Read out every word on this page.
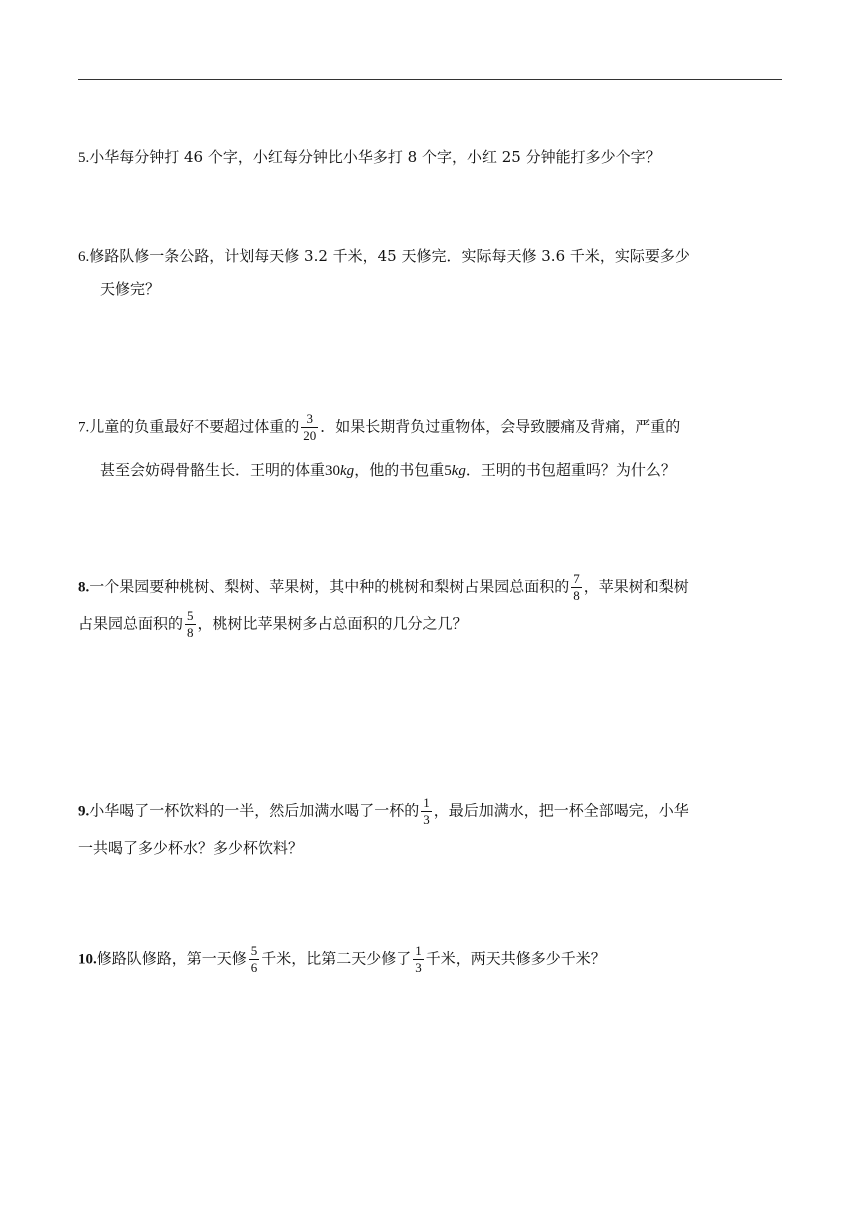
5.小华每分钟打 46 个字，小红每分钟比小华多打 8 个字，小红 25 分钟能打多少个字？
6.修路队修一条公路，计划每天修 3.2 千米，45 天修完．实际每天修 3.6 千米，实际要多少
天修完？
7.儿童的负重最好不要超过体重的 $\frac{3}{20}$ ．如果长期背负过重物体，会导致腰痛及背痛，严重的
甚至会妨碍骨骼生长．王明的体重30kg，他的书包重5kg．王明的书包超重吗？为什么？
8.一个果园要种桃树、梨树、苹果树，其中种的桃树和梨树占果园总面积的 $\frac{7}{8}$ ，苹果树和梨树
占果园总面积的 $\frac{5}{8}$ ，桃树比苹果树多占总面积的几分之几？
9.小华喝了一杯饮料的一半，然后加满水喝了一杯的 $\frac{1}{3}$ ，最后加满水，把一杯全部喝完，小华
一共喝了多少杯水？多少杯饮料？
10.修路队修路，第一天修 $\frac{5}{6}$ 千米，比第二天少修了 $\frac{1}{3}$ 千米，两天共修多少千米？
